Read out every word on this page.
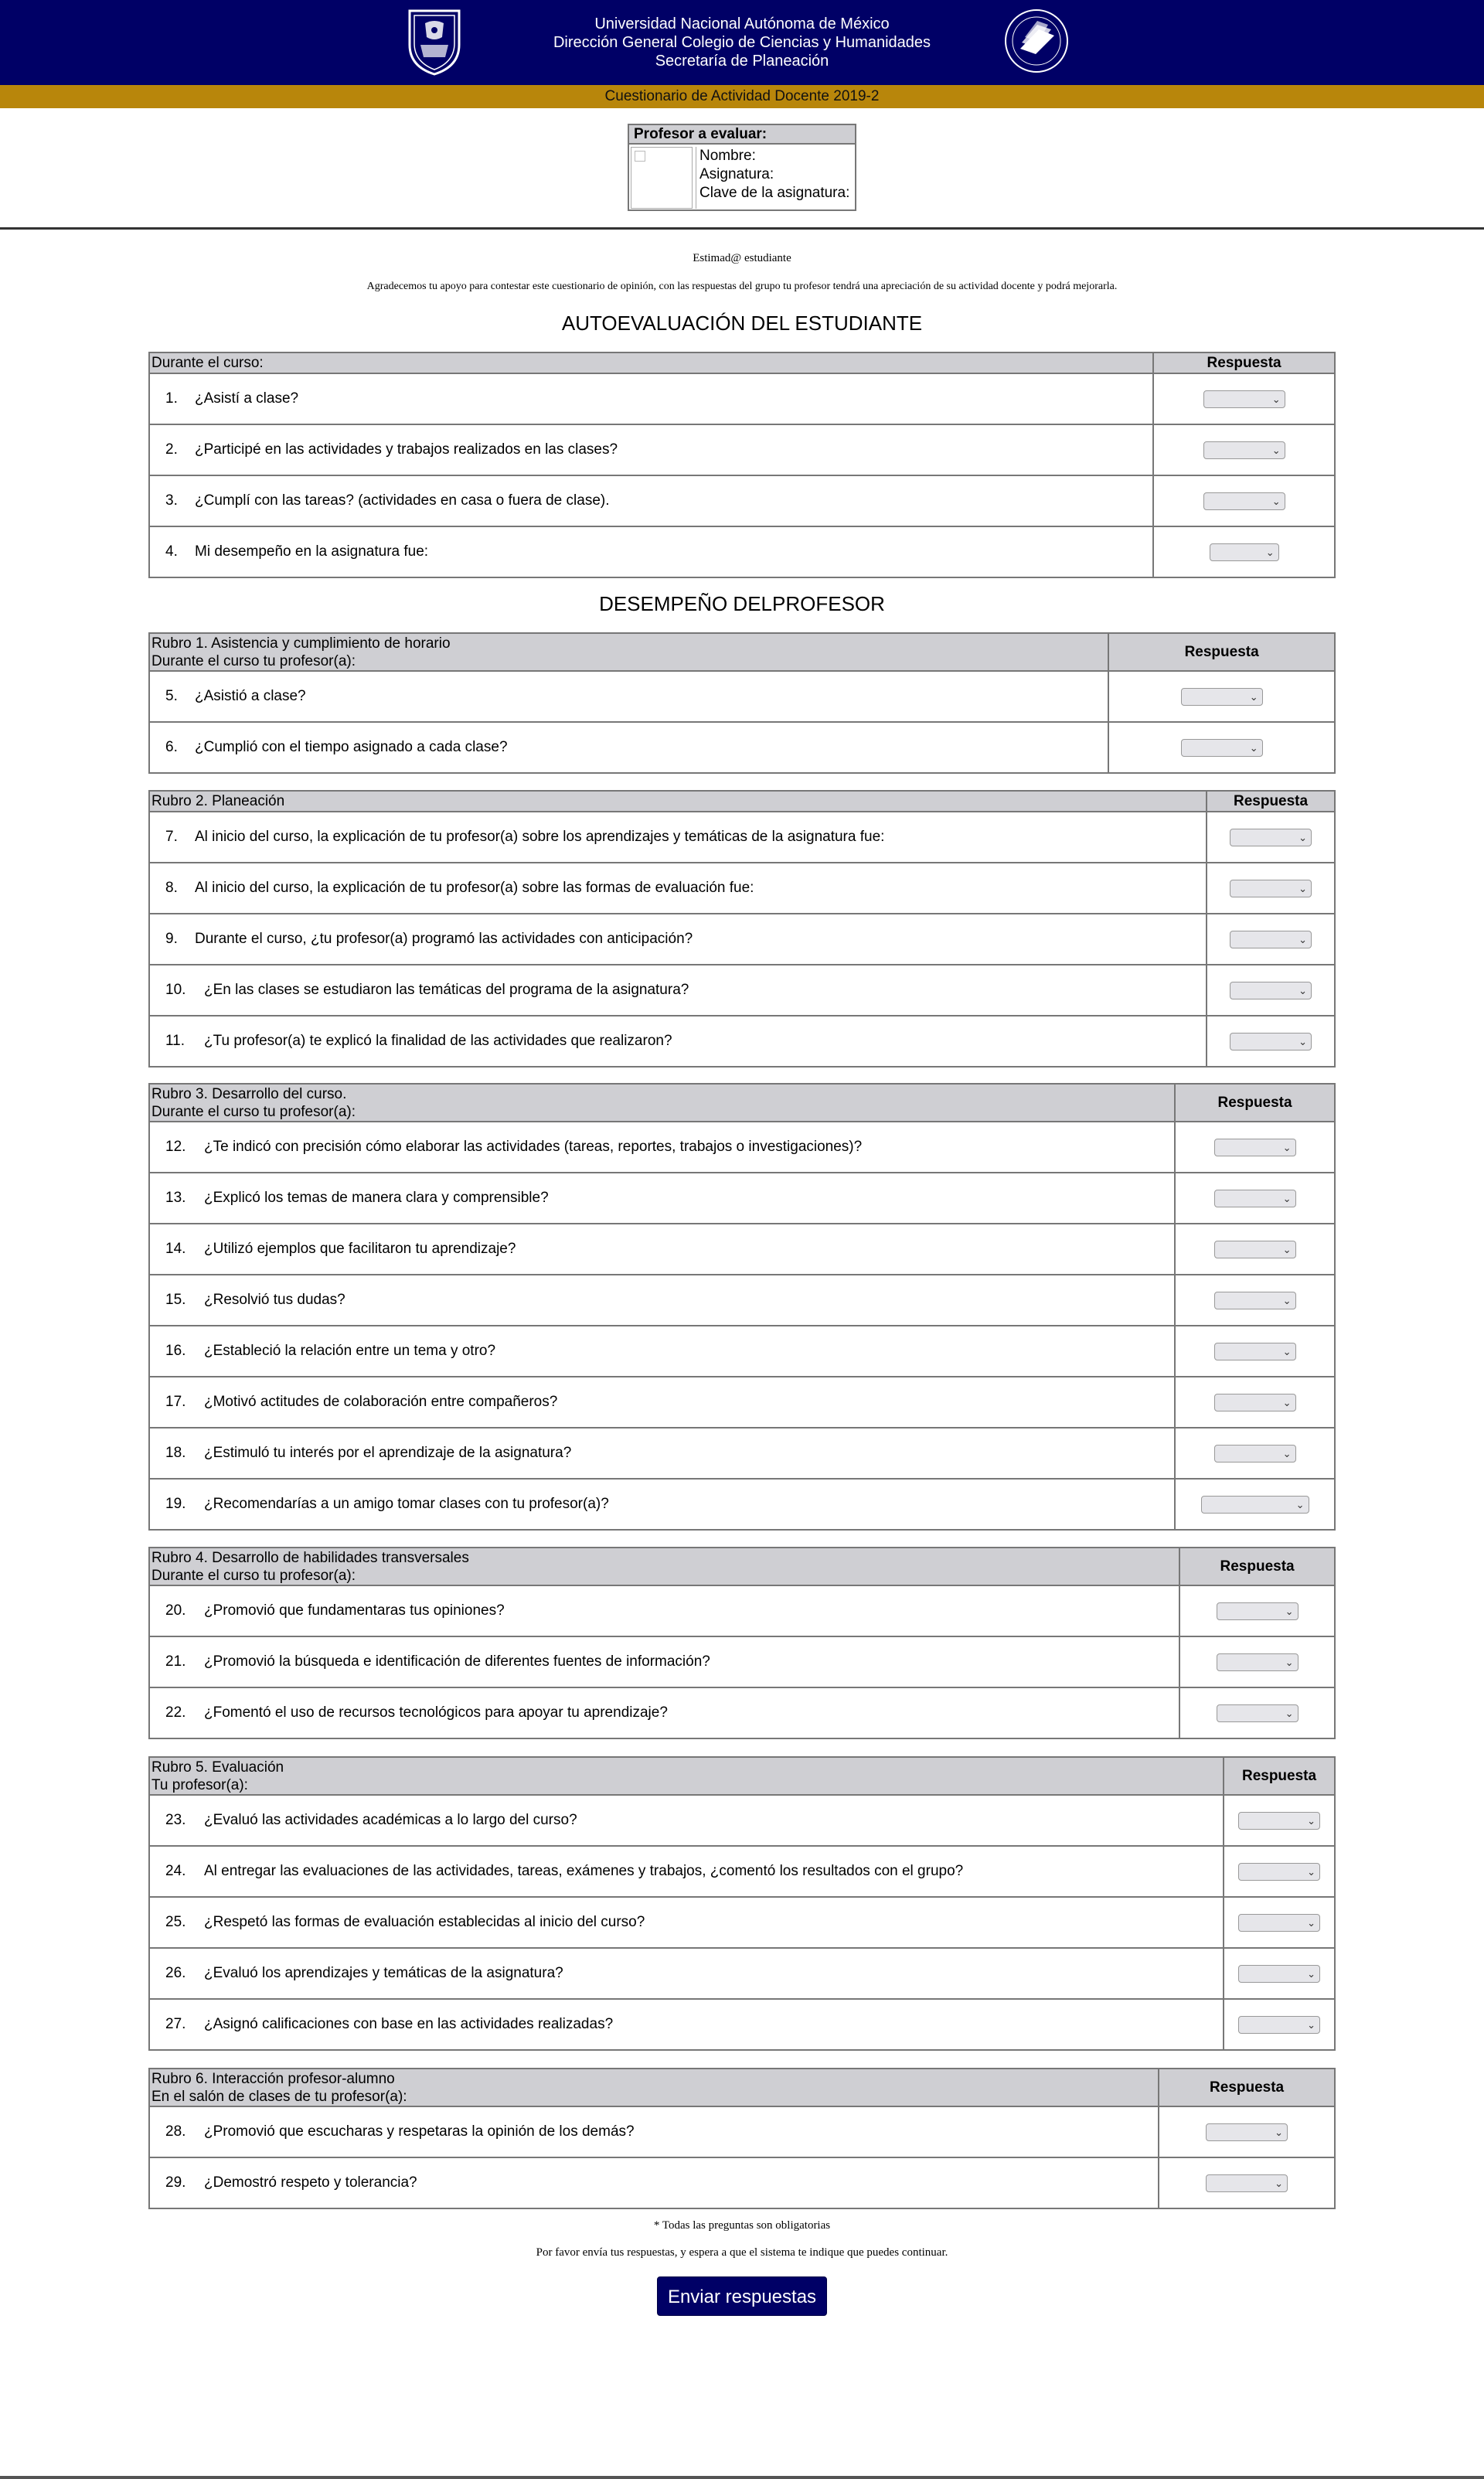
Universidad Nacional Autónoma de México
Dirección General Colegio de Ciencias y Humanidades
Secretaría de Planeación
Cuestionario de Actividad Docente 2019-2
Profesor a evaluar:
Nombre:
Asignatura:
Clave de la asignatura:
Estimad@ estudiante
Agradecemos tu apoyo para contestar este cuestionario de opinión, con las respuestas del grupo tu profesor tendrá una apreciación de su actividad docente y podrá mejorarla.
AUTOEVALUACIÓN DEL ESTUDIANTE
Durante el curso:	Respuesta
1. ¿Asistí a clase?	⌄

2. ¿Participé en las actividades y trabajos realizados en las clases?	⌄

3. ¿Cumplí con las tareas? (actividades en casa o fuera de clase).	⌄

4. Mi desempeño en la asignatura fue:	⌄
DESEMPEÑO DELPROFESOR
Rubro 1. Asistencia y cumplimiento de horario
Durante el curso tu profesor(a):	Respuesta
5. ¿Asistió a clase?	⌄

6. ¿Cumplió con el tiempo asignado a cada clase?	⌄
Rubro 2. Planeación	Respuesta
7. Al inicio del curso, la explicación de tu profesor(a) sobre los aprendizajes y temáticas de la asignatura fue:	⌄

8. Al inicio del curso, la explicación de tu profesor(a) sobre las formas de evaluación fue:	⌄

9. Durante el curso, ¿tu profesor(a) programó las actividades con anticipación?	⌄

10. ¿En las clases se estudiaron las temáticas del programa de la asignatura?	⌄

11. ¿Tu profesor(a) te explicó la finalidad de las actividades que realizaron?	⌄
Rubro 3. Desarrollo del curso.
Durante el curso tu profesor(a):	Respuesta
12. ¿Te indicó con precisión cómo elaborar las actividades (tareas, reportes, trabajos o investigaciones)?	⌄

13. ¿Explicó los temas de manera clara y comprensible?	⌄

14. ¿Utilizó ejemplos que facilitaron tu aprendizaje?	⌄

15. ¿Resolvió tus dudas?	⌄

16. ¿Estableció la relación entre un tema y otro?	⌄

17. ¿Motivó actitudes de colaboración entre compañeros?	⌄

18. ¿Estimuló tu interés por el aprendizaje de la asignatura?	⌄

19. ¿Recomendarías a un amigo tomar clases con tu profesor(a)?	⌄
Rubro 4. Desarrollo de habilidades transversales
Durante el curso tu profesor(a):	Respuesta
20. ¿Promovió que fundamentaras tus opiniones?	⌄

21. ¿Promovió la búsqueda e identificación de diferentes fuentes de información?	⌄

22. ¿Fomentó el uso de recursos tecnológicos para apoyar tu aprendizaje?	⌄
Rubro 5. Evaluación
Tu profesor(a):	Respuesta
23. ¿Evaluó las actividades académicas a lo largo del curso?	⌄

24. Al entregar las evaluaciones de las actividades, tareas, exámenes y trabajos, ¿comentó los resultados con el grupo?	⌄

25. ¿Respetó las formas de evaluación establecidas al inicio del curso?	⌄

26. ¿Evaluó los aprendizajes y temáticas de la asignatura?	⌄

27. ¿Asignó calificaciones con base en las actividades realizadas?	⌄
Rubro 6. Interacción profesor-alumno
En el salón de clases de tu profesor(a):	Respuesta
28. ¿Promovió que escucharas y respetaras la opinión de los demás?	⌄

29. ¿Demostró respeto y tolerancia?	⌄
* Todas las preguntas son obligatorias
Por favor envía tus respuestas, y espera a que el sistema te indique que puedes continuar.
Enviar respuestas
